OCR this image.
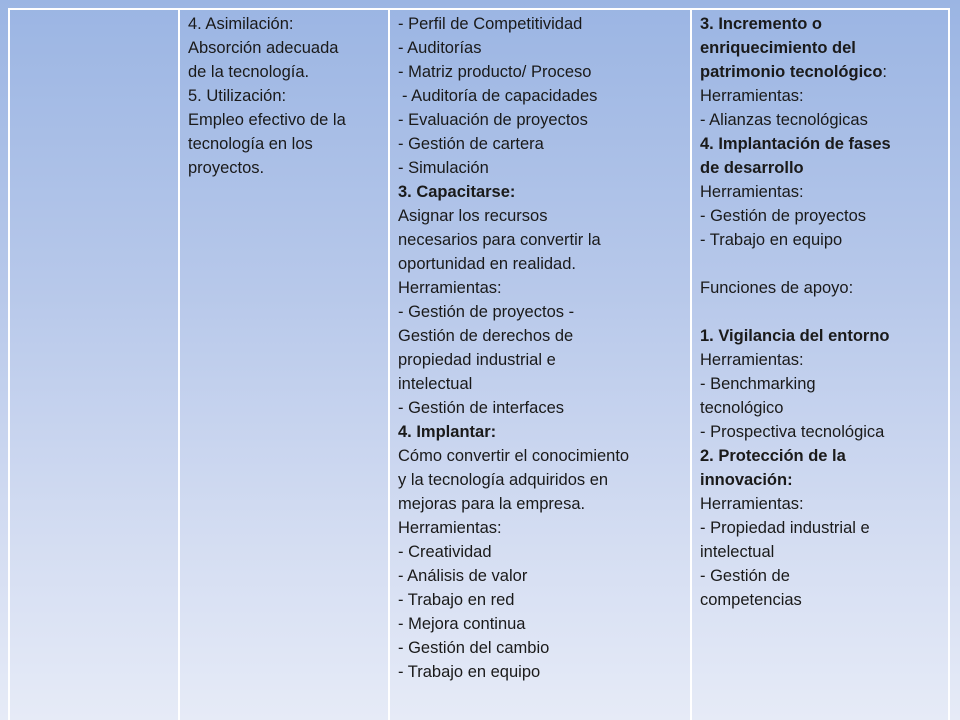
4. Asimilación:

Absorción adecuada

de la tecnología.

5. Utilización:

Empleo efectivo de la

tecnología en los

proyectos.

- Perfil de Competitividad

- Auditorías

- Matriz producto/ Proceso

- Auditoría de capacidades

- Evaluación de proyectos

- Gestión de cartera

- Simulación

3. Capacitarse:

Asignar los recursos

necesarios para convertir la

oportunidad en realidad.

Herramientas:

- Gestión de proyectos -

Gestión de derechos de

propiedad industrial e

intelectual

- Gestión de interfaces

4. Implantar:

Cómo convertir el conocimiento

y la tecnología adquiridos en

mejoras para la empresa.

Herramientas:

- Creatividad

- Análisis de valor

- Trabajo en red

- Mejora continua

- Gestión del cambio

- Trabajo en equipo

3. Incremento o

enriquecimiento del

patrimonio tecnológico:

Herramientas:

- Alianzas tecnológicas

4. Implantación de fases

de desarrollo

Herramientas:

- Gestión de proyectos

- Trabajo en equipo

Funciones de apoyo:

1. Vigilancia del entorno

Herramientas:

- Benchmarking

tecnológico

- Prospectiva tecnológica

2. Protección de la

innovación:

Herramientas:

- Propiedad industrial e

intelectual

- Gestión de

competencias
